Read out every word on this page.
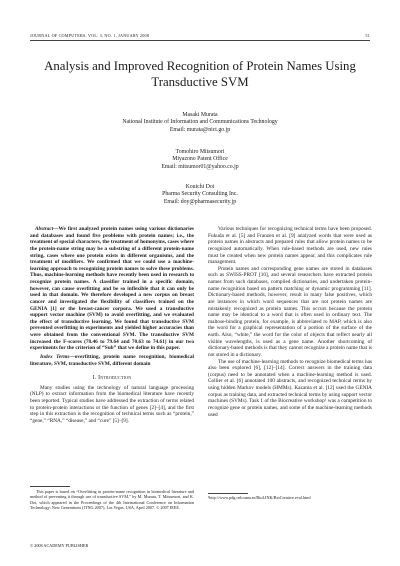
JOURNAL OF COMPUTERS, VOL. 3, NO. 1, JANUARY 2008	51
Analysis and Improved Recognition of Protein Names Using Transductive SVM
Masaki Murata
National Institute of Information and Communications Technology
Email: murata@nict.go.jp
Tomohiro Mitsumori
Miyazono Patent Office
Email: mitsumor01@yahoo.co.jp
Kouichi Doi
Pharma Security Consulting Inc.
Email: doy@pharmasecurity.jp

Abstract—We first analyzed protein names using various dictionaries and databases and found five problems with protein names; i.e., the treatment of special characters, the treatment of homonyms, cases where the protein-name string may be a substring of a different protein-name string, cases where one protein exists in different organisms, and the treatment of modifiers. We confirmed that we could use a machine-learning approach to recognizing protein names to solve these problems. Thus, machine-learning methods have recently been used in research to recognize protein names. A classifier trained in a specific domain, however, can cause overfitting and be so inflexible that it can only be used in that domain. We therefore developed a new corpus on breast cancer and investigated the flexibility of classifiers trained on the GENIA [1] or the breast-cancer corpora. We used a transductive support vector machine (SVM) to avoid overfitting, and we evaluated the effect of transductive learning. We found that transductive SVM prevented overfitting in experiments and yielded higher accuracies than were obtained from the conventional SVM. The transductive SVM increased the F-scores (78.46 to 79.64 and 70.63 to 74.61) in our two experiments for the criterion of “Sub” that we define in this paper.

Index Terms—overfitting, protein name recognition, biomedical literature, SVM, transductive SVM, different domain

I. Introduction

Many studies using the technology of natural language processing (NLP) to extract information from the biomedical literature have recently been reported. Typical studies have addressed the extraction of terms related to protein-protein interactions or the function of genes [2]–[4], and the first step in this extraction is the recognition of technical terms such as “protein,” “gene,” “RNA,” “disease,” and “cure” [5]–[9].

This paper is based on “Overfitting in protein-name recognition in biomedical literature and method of preventing it through use of transductive SVM,” by M. Murata, T. Mitsumori, and K. Doi, which appeared in the Proceedings of the 4th International Conference on Information Technology: New Generations (ITNG 2007), Las Vegas, USA, April 2007. © 2007 IEEE.

Various techniques for recognizing technical terms have been proposed. Fukuda et al. [5] and Franzen et al. [9] analyzed words that were used as protein names in abstracts and prepared rules that allow protein names to be recognized automatically. When rule-based methods are used, new rules must be created when new protein names appear, and this complicates rule management.

Protein names and corresponding gene names are stored in databases such as SWISS-PROT [10], and several researchers have extracted protein names from such databases, compiled dictionaries, and undertaken protein-name recognition based on pattern matching or dynamic programming [11]. Dictionary-based methods, however, result in many false positives, which are instances in which word sequences that are not protein names are mistakenly recognized as protein names. This occurs because the protein name may be identical to a word that is often used in ordinary text. The maltose-binding protein, for example, is abbreviated to MAP, which is also the word for a graphical representation of a portion of the surface of the earth. Also, “white,” the word for the color of objects that reflect nearly all visible wavelengths, is used as a gene name. Another shortcoming of dictionary-based methods is that they cannot recognize a protein name that is not stored in a dictionary.

The use of machine-learning methods to recognize biomedical terms has also been explored [6], [12]–[14]. Correct answers in the training data (corpus) need to be annotated when a machine-learning method is used. Collier et al. [6] annotated 100 abstracts, and recognized technical terms by using hidden Markov models (HMMs). Kazama et al. [12] used the GENIA corpus as training data, and extracted technical terms by using support vector machines (SVMs). Task 1 of the Biocreative workshop¹ was a competition to recognize gene or protein names, and some of the machine-learning methods used

¹http://www.pdg.cnb.uam.es/BioLINK/BioCreative.eval.html
© 2008 ACADEMY PUBLISHER
